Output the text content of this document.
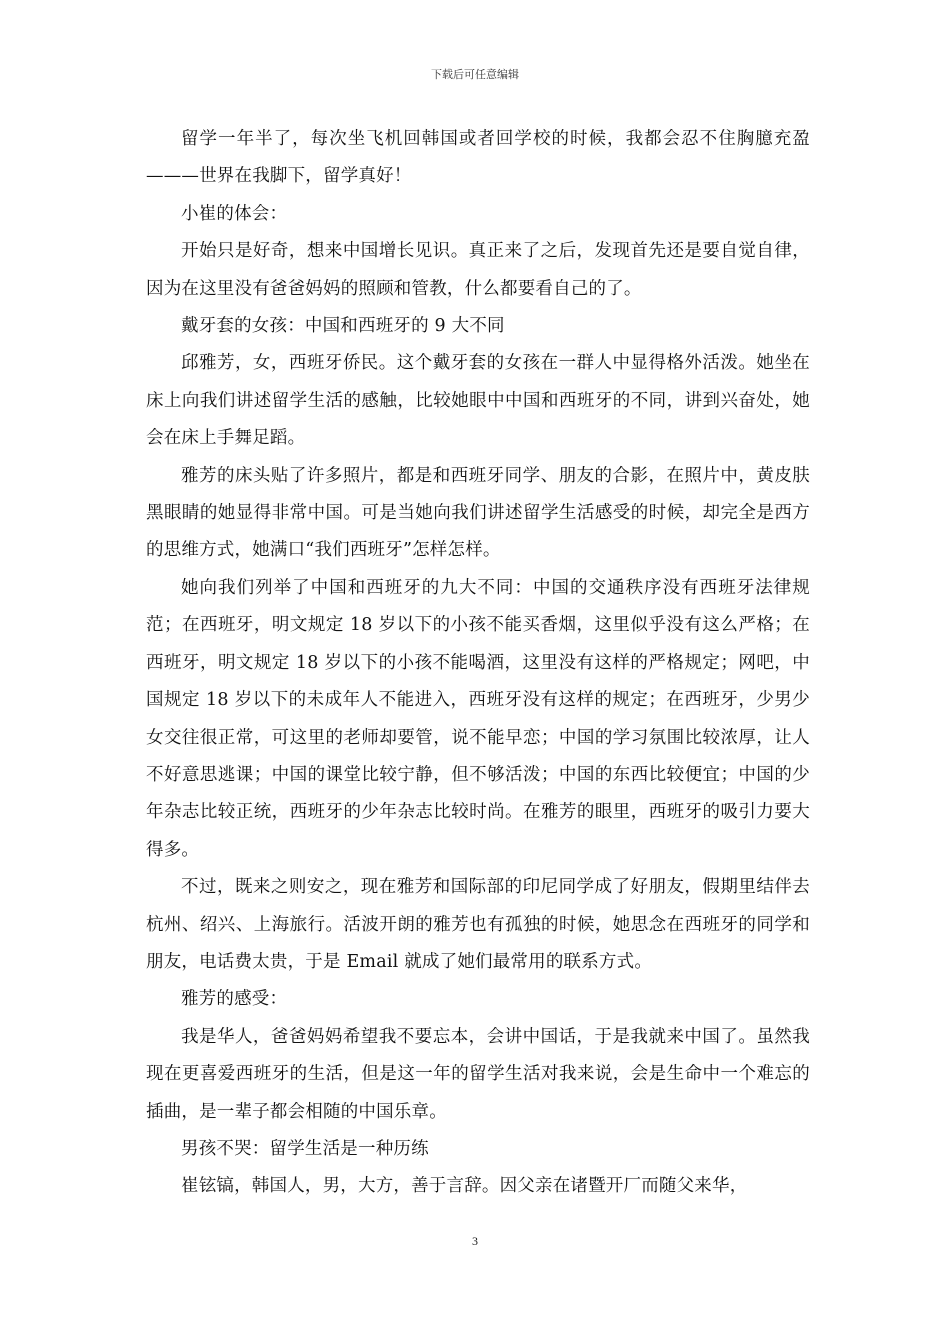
下载后可任意编辑

留学一年半了，每次坐飞机回韩国或者回学校的时候，我都会忍不住胸臆充盈———世界在我脚下，留学真好！

小崔的体会：

开始只是好奇，想来中国增长见识。真正来了之后，发现首先还是要自觉自律，因为在这里没有爸爸妈妈的照顾和管教，什么都要看自己的了。

戴牙套的女孩：中国和西班牙的 9 大不同

邱雅芳，女，西班牙侨民。这个戴牙套的女孩在一群人中显得格外活泼。她坐在床上向我们讲述留学生活的感触，比较她眼中中国和西班牙的不同，讲到兴奋处，她会在床上手舞足蹈。

雅芳的床头贴了许多照片，都是和西班牙同学、朋友的合影，在照片中，黄皮肤黑眼睛的她显得非常中国。可是当她向我们讲述留学生活感受的时候，却完全是西方的思维方式，她满口“我们西班牙”怎样怎样。

她向我们列举了中国和西班牙的九大不同：中国的交通秩序没有西班牙法律规范；在西班牙，明文规定 18 岁以下的小孩不能买香烟，这里似乎没有这么严格；在西班牙，明文规定 18 岁以下的小孩不能喝酒，这里没有这样的严格规定；网吧，中国规定 18 岁以下的未成年人不能进入，西班牙没有这样的规定；在西班牙，少男少女交往很正常，可这里的老师却要管，说不能早恋；中国的学习氛围比较浓厚，让人不好意思逃课；中国的课堂比较宁静，但不够活泼；中国的东西比较便宜；中国的少年杂志比较正统，西班牙的少年杂志比较时尚。在雅芳的眼里，西班牙的吸引力要大得多。

不过，既来之则安之，现在雅芳和国际部的印尼同学成了好朋友，假期里结伴去杭州、绍兴、上海旅行。活波开朗的雅芳也有孤独的时候，她思念在西班牙的同学和朋友，电话费太贵，于是 Email 就成了她们最常用的联系方式。

雅芳的感受：

我是华人，爸爸妈妈希望我不要忘本，会讲中国话，于是我就来中国了。虽然我现在更喜爱西班牙的生活，但是这一年的留学生活对我来说，会是生命中一个难忘的插曲，是一辈子都会相随的中国乐章。

男孩不哭：留学生活是一种历练

崔铉镐，韩国人，男，大方，善于言辞。因父亲在诸暨开厂而随父来华，

3
